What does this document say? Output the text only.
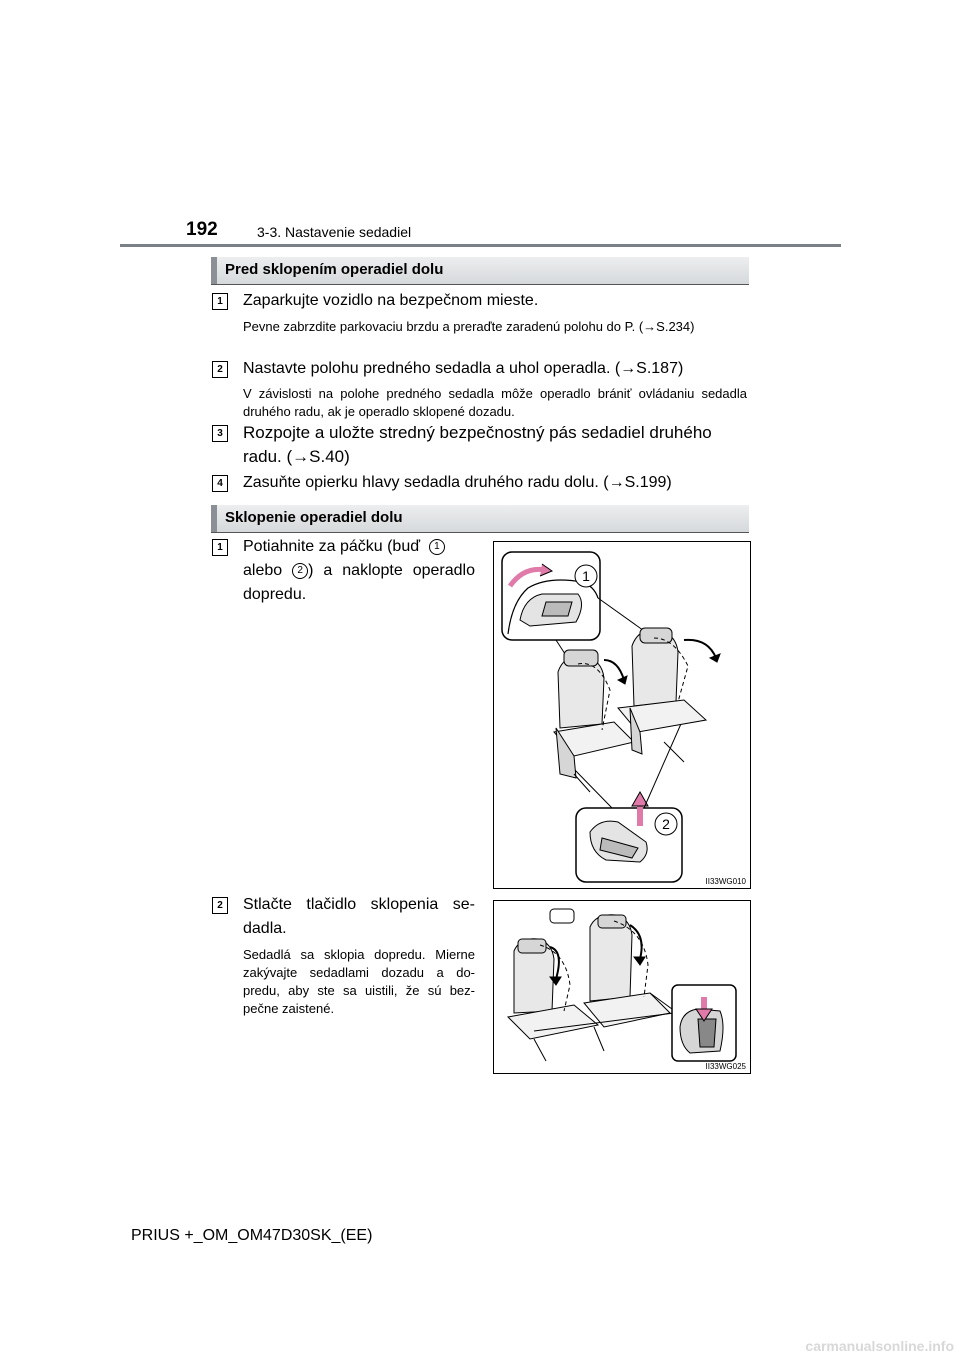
192	3-3. Nastavenie sedadiel
Pred sklopením operadiel dolu
1	Zaparkujte vozidlo na bezpečnom mieste.
Pevne zabrzdite parkovaciu brzdu a preraďte zaradenú polohu do P. (→S.234)
2	Nastavte polohu predného sedadla a uhol operadla. (→S.187)
V závislosti na polohe predného sedadla môže operadlo brániť ovládaniu sedadla druhého radu, ak je operadlo sklopené dozadu.
3	Rozpojte a uložte stredný bezpečnostný pás sedadiel druhého radu. (→S.40)
4	Zasuňte opierku hlavy sedadla druhého radu dolu. (→S.199)
Sklopenie operadiel dolu
1	Potiahnite za páčku (buď 1
alebo 2 ) a naklopte operadlo dopredu.
1
2
II33WG010
2	Stlačte tlačidlo sklopenia se-dadla.
Sedadlá sa sklopia dopredu. Mierne zakývajte sedadlami dozadu a do-predu, aby ste sa uistili, že sú bez-pečne zaistené.
II33WG025
PRIUS +_OM_OM47D30SK_(EE)
carmanualsonline.info
